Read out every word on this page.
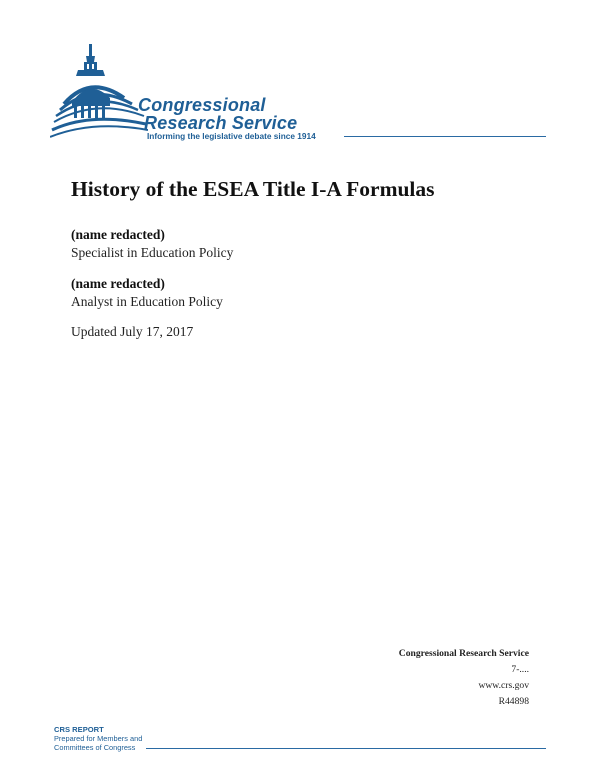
Congressional
Research Service
Informing the legislative debate since 1914
History of the ESEA Title I-A Formulas
(name redacted)
Specialist in Education Policy
(name redacted)
Analyst in Education Policy
Updated July 17, 2017
Congressional Research Service
7-....
www.crs.gov
R44898
CRS REPORT
Prepared for Members and
Committees of Congress
